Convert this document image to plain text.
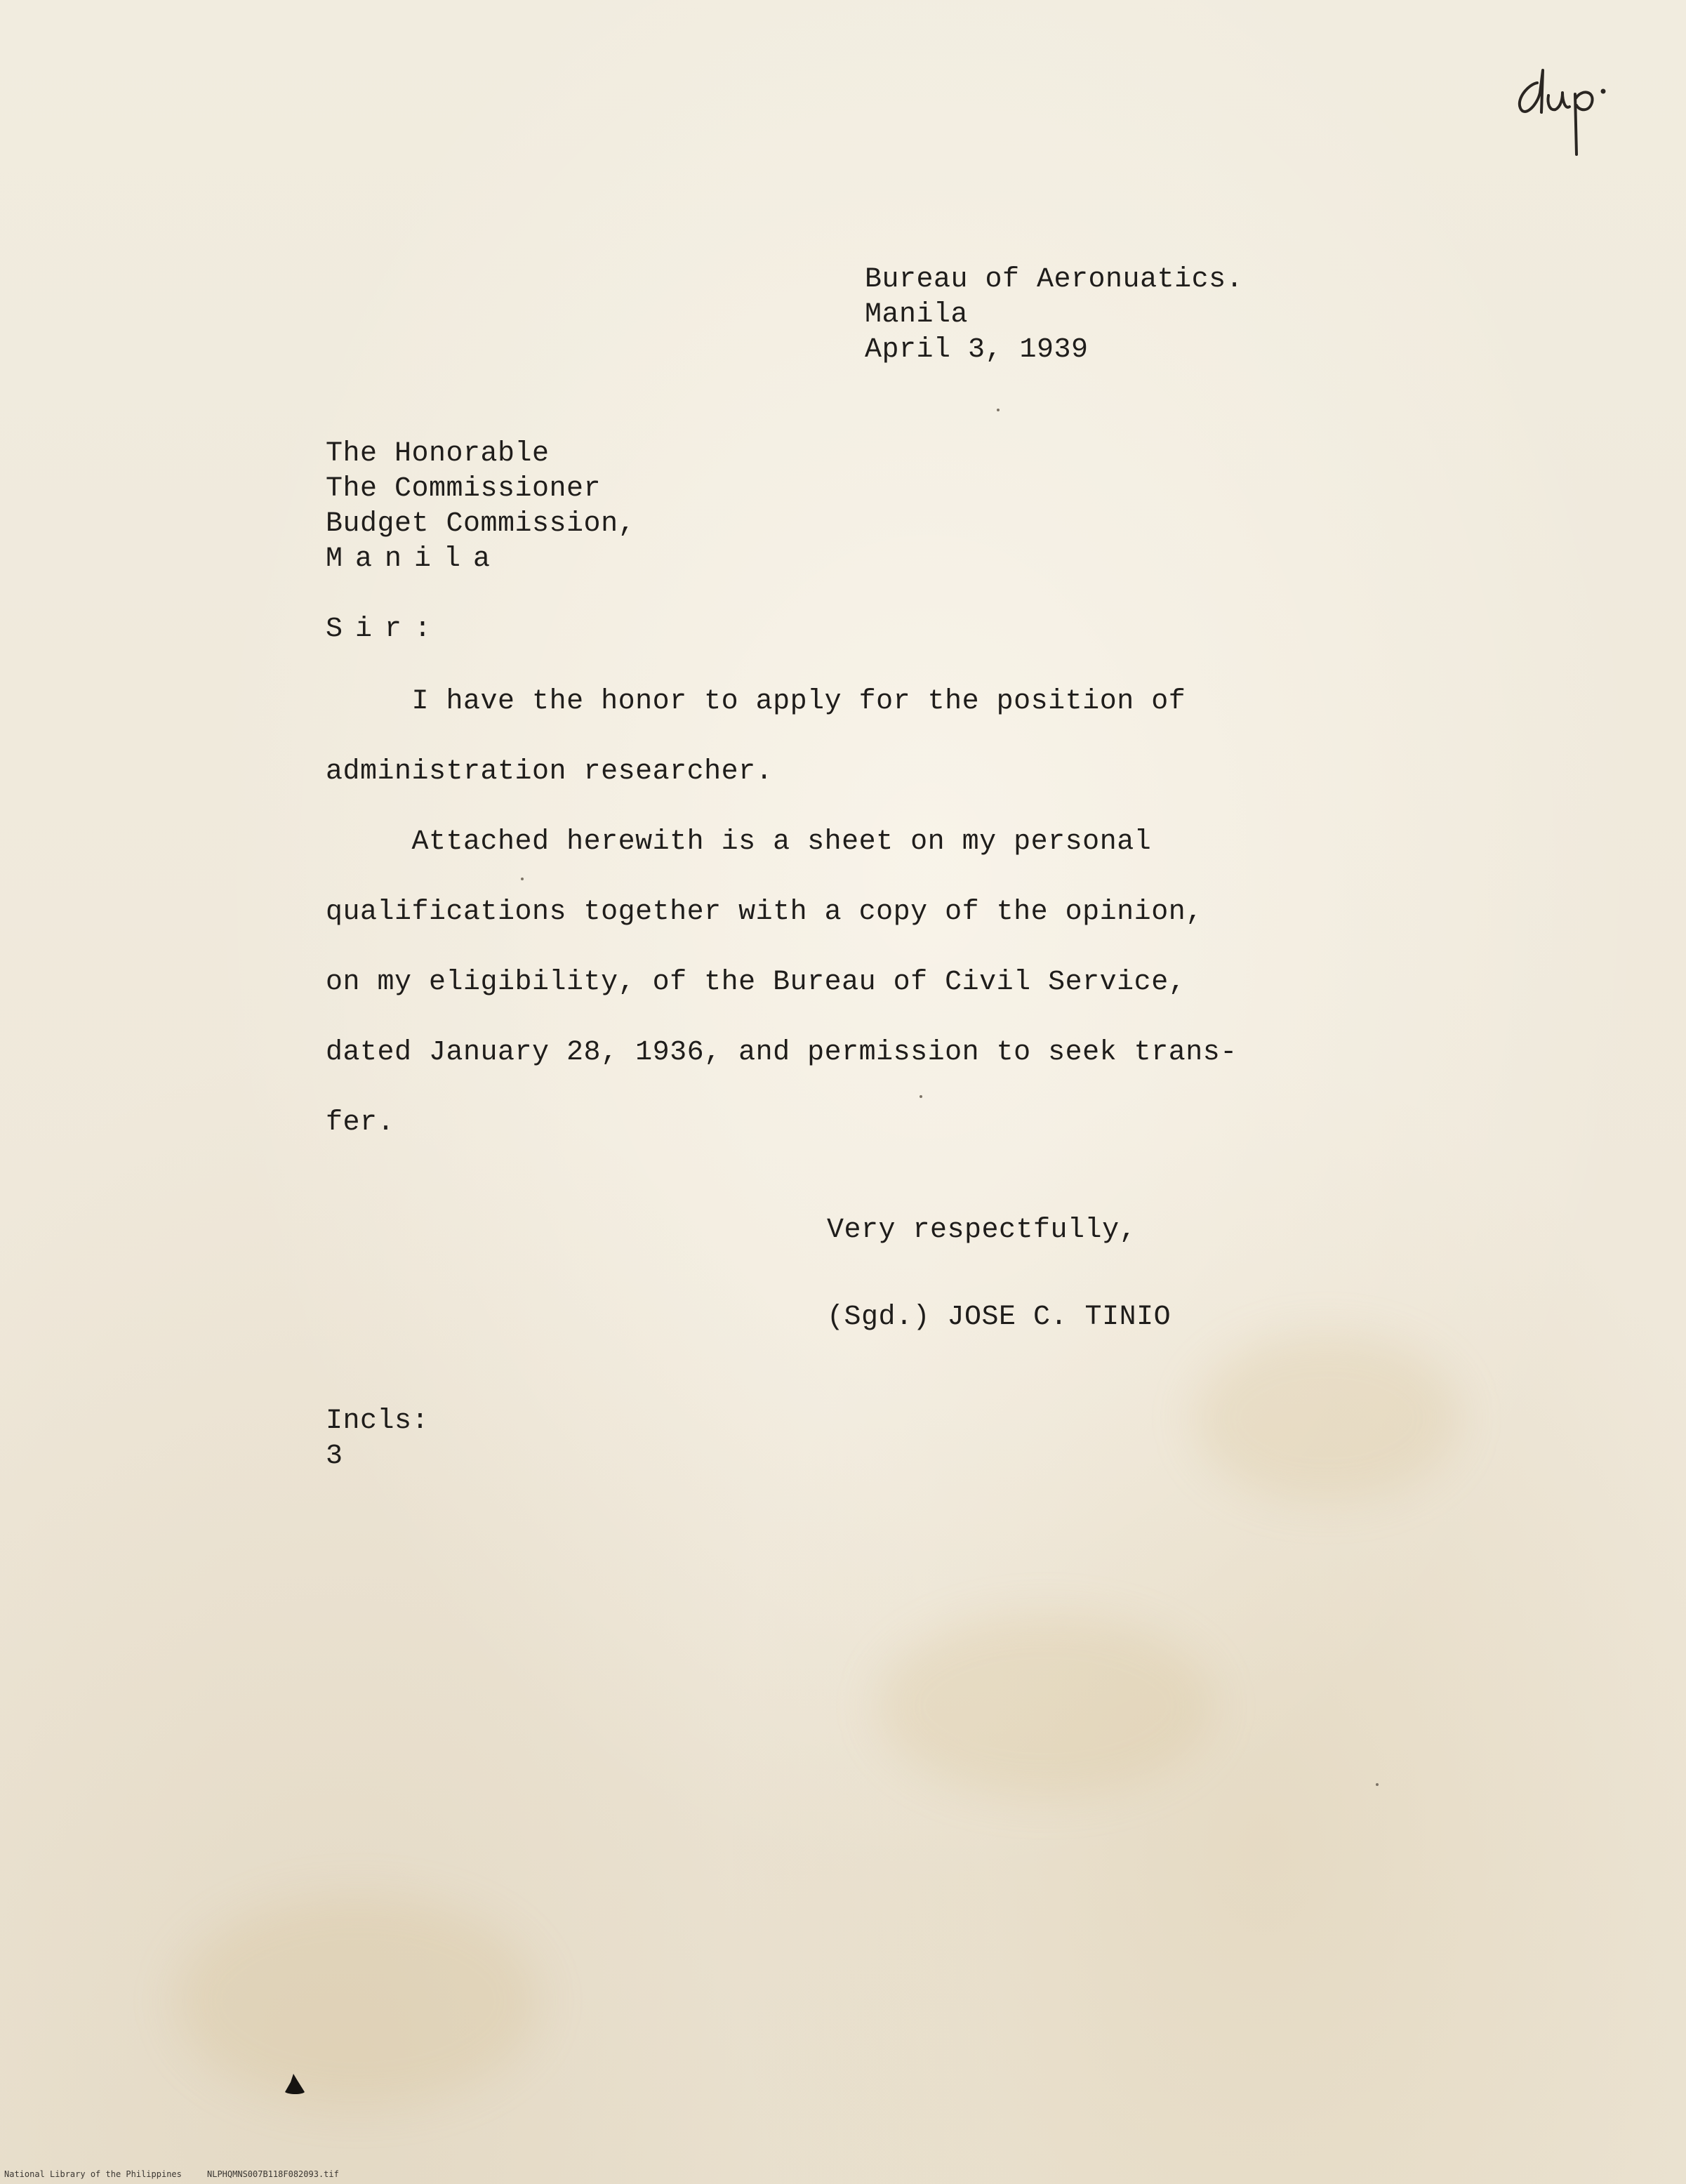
Bureau of Aeronuatics.
Manila
April 3, 1939
The Honorable
The Commissioner
Budget Commission,
Manila
Sir:
I have the honor to apply for the position of
administration researcher.
Attached herewith is a sheet on my personal
qualifications together with a copy of the opinion,
on my eligibility, of the Bureau of Civil Service,
dated January 28, 1936, and permission to seek trans-
fer.
Very respectfully,
(Sgd.) JOSE C. TINIO
Incls:
3
National Library of the Philippines	NLPHQMNS007B118F082093.tif
